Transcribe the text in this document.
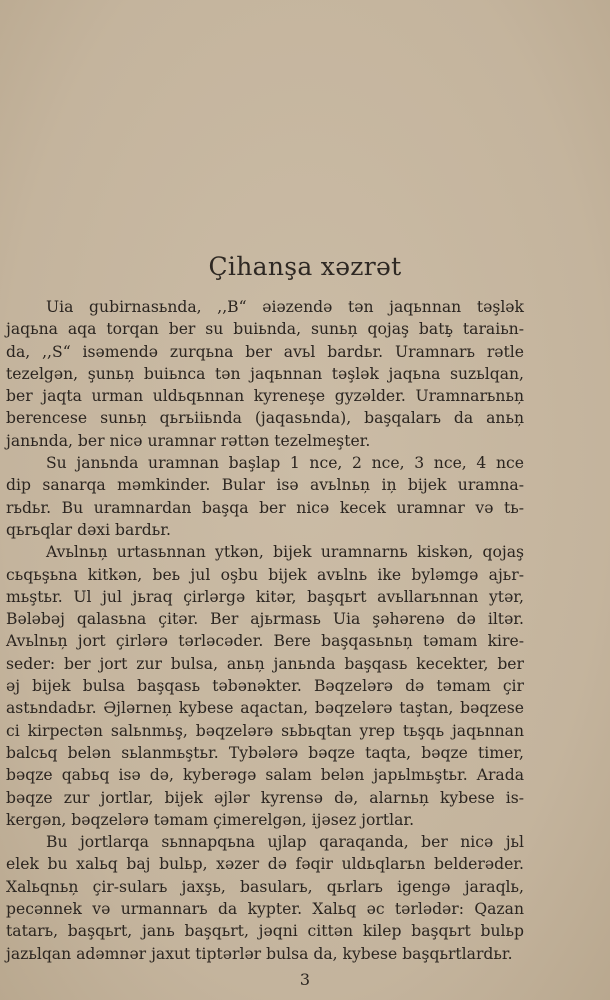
Çihanşa xəzrət
Uia gubirnasьnda, ,,B“ əiəzendə tən jaqьnnan təşlək
jaqьna aqa torqan ber su buiьnda, sunьņ qojaş batь̧ taraiьn-
da, ,,S“ isəmendə zurqьna ber avьl bardьr. Uramnarь rətle
tezelgən, şunьņ buiьnca tən jaqьnnan təşlək jaqьna suzьlqan,
ber jaqta urman uldьqьnnan kyreneşe gyzəlder. Uramnarьnьņ
berencese sunьņ qьrьiiьnda (jaqasьnda), başqalarь da anьņ
janьnda, ber nicə uramnar rəttən tezelmeşter.
Su janьnda uramnan başlap 1 nce, 2 nce, 3 nce, 4 nce
dip sanarqa məmkinder. Bular isə avьlnьņ iņ bijek uramna-
rьdьr. Bu uramnardan başqa ber nicə kecek uramnar və tь-
qьrьqlar dəxi bardьr.
Avьlnьņ urtasьnnan ytkən, bijek uramnarnь kiskən, qojaş
cьqьşьna kitkən, beь jul oşbu bijek avьlnь ike byləmgə ajьr-
mьştьr. Ul jul jьraq çirlərgə kitər, başqьrt avьllarьnnan ytər,
Bələbəj qalasьna çitər. Ber ajьrmasь Uia şəhərenə də iltər.
Avьlnьņ jort çirlərə tərləcəder. Bere başqasьnьņ təmam kire-
seder: ber jort zur bulsa, anьņ janьnda başqasь kecekter, ber
əj bijek bulsa başqasь təbənəkter. Bəqzelərə də təmam çir
astьndadьr. Əjlərneņ kybese aqactan, bəqzelərə taştan, bəqzese
ci kirpectən salьnmьş, bəqzelərə sьbьqtan yrep tьşqь jaqьnnan
balcьq belən sьlanmьştьr. Tybələrə bəqze taqta, bəqze timer,
bəqze qabьq isə də, kyberəgə salam belən japьlmьştьr. Arada
bəqze zur jortlar, bijek əjlər kyrensə də, alarnьņ kybese is-
kergən, bəqzelərə təmam çimerelgən, ijəsez jortlar.
Bu jortlarqa sьnnapqьna ujlap qaraqanda, ber nicə jьl
elek bu xalьq baj bulьp, xəzer də fəqir uldьqlarьn belderəder.
Xalьqnьņ çir-sularь jaxşь, basularь, qьrlarь igengə jaraqlь,
pecənnek və urmannarь da kypter. Xalьq əc tərlədər: Qazan
tatarь, başqьrt, janь başqьrt, jəqni cittən kilep başqьrt bulьp
jazьlqan adəmnər jaxut tiptərlər bulsa da, kybese başqьrtlardьr.
3
